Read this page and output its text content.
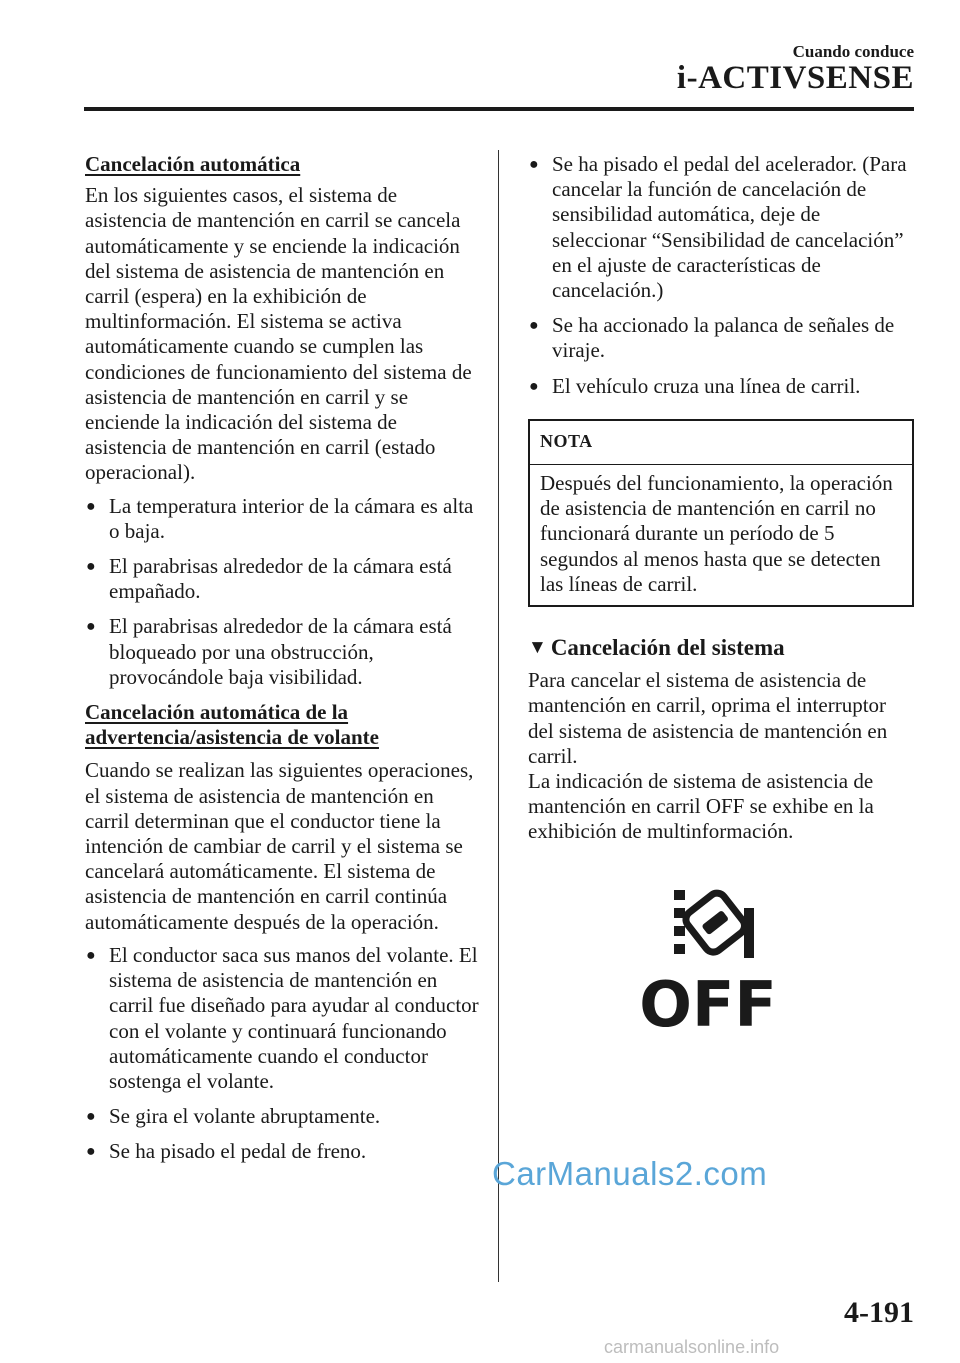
Cuando conduce
i-ACTIVSENSE
Cancelación automática

En los siguientes casos, el sistema de asistencia de mantención en carril se cancela automáticamente y se enciende la indicación del sistema de asistencia de mantención en carril (espera) en la exhibición de multinformación. El sistema se activa automáticamente cuando se cumplen las condiciones de funcionamiento del sistema de asistencia de mantención en carril y se enciende la indicación del sistema de asistencia de mantención en carril (estado operacional).

● La temperatura interior de la cámara es alta o baja.
● El parabrisas alrededor de la cámara está empañado.
● El parabrisas alrededor de la cámara está bloqueado por una obstrucción, provocándole baja visibilidad.
Cancelación automática de la
advertencia/asistencia de volante

Cuando se realizan las siguientes operaciones, el sistema de asistencia de mantención en carril determinan que el conductor tiene la intención de cambiar de carril y el sistema se cancelará automáticamente. El sistema de asistencia de mantención en carril continúa automáticamente después de la operación.

● El conductor saca sus manos del volante. El sistema de asistencia de mantención en carril fue diseñado para ayudar al conductor con el volante y continuará funcionando automáticamente cuando el conductor sostenga el volante.
● Se gira el volante abruptamente.
● Se ha pisado el pedal de freno.
● Se ha pisado el pedal del acelerador. (Para cancelar la función de cancelación de sensibilidad automática, deje de seleccionar “Sensibilidad de cancelación” en el ajuste de características de cancelación.)
● Se ha accionado la palanca de señales de viraje.
● El vehículo cruza una línea de carril.
NOTA
Después del funcionamiento, la operación de asistencia de mantención en carril no funcionará durante un período de 5 segundos al menos hasta que se detecten las líneas de carril.
▼ Cancelación del sistema

Para cancelar el sistema de asistencia de mantención en carril, oprima el interruptor del sistema de asistencia de mantención en carril.

La indicación de sistema de asistencia de mantención en carril OFF se exhibe en la exhibición de multinformación.

OFF
CarManuals2.com
4-191
carmanualsonline.info
